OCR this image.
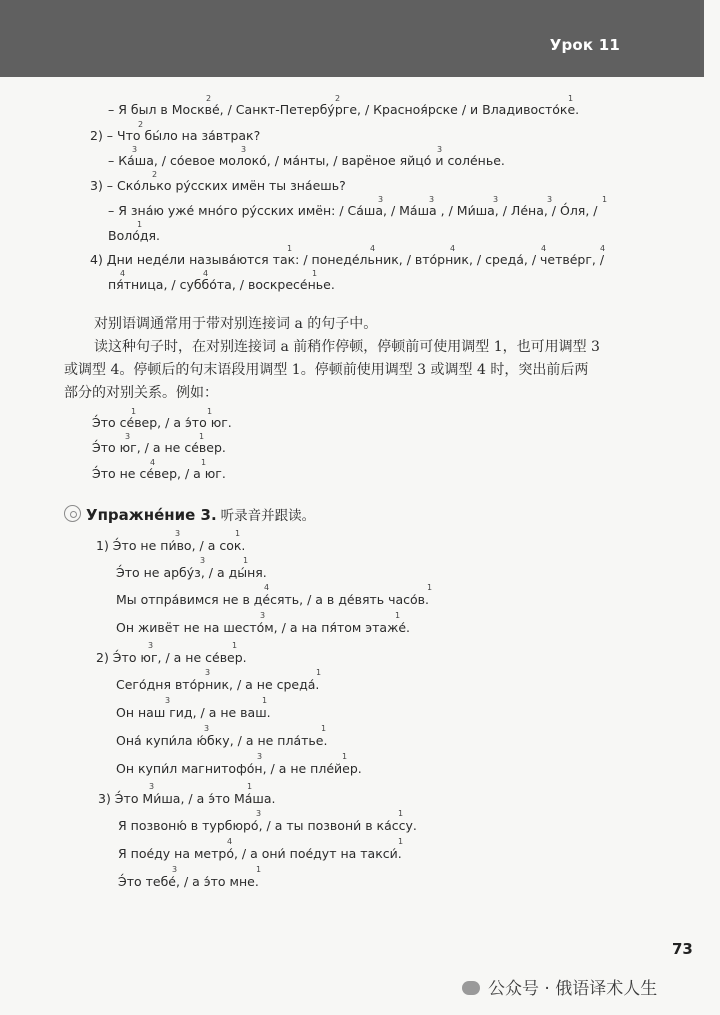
Урок 11
– Я был в Москве́, / Санкт-Петербу́рге, / Красноя́рске / и Владивосто́ке.
2) – Что бы́ло на за́втрак?
– Ка́ша, / со́евое молоко́, / ма́нты, / варёное яйцо́ и соле́нье.
3) – Ско́лько ру́сских имён ты зна́ешь?
– Я зна́ю уже́ мно́го ру́сских имён: / Са́ша, / Ма́ша , / Ми́ша, / Ле́на, / О́ля, /
Воло́дя.
4) Дни неде́ли называ́ются так: / понеде́льник, / вто́рник, / среда́, / четве́рг, /
пя́тница, / суббо́та, / воскресе́нье.
对别语调通常用于带对别连接词 а 的句子中。
读这种句子时，在对别连接词 а 前稍作停顿，停顿前可使用调型 1，也可用调型 3
或调型 4。停顿后的句末语段用调型 1。停顿前使用调型 3 或调型 4 时，突出前后两
部分的对别关系。例如：
Э́то се́вер, / а э́то юг.
Э́то юг, / а не се́вер.
Э́то не се́вер, / а юг.
Упражне́ние 3. 听录音并跟读。
1) Э́то не пи́во, / а сок.
Э́то не арбу́з, / а ды́ня.
Мы отпра́вимся не в де́сять, / а в де́вять часо́в.
Он живёт не на шесто́м, / а на пя́том этаже́.
2) Э́то юг, / а не се́вер.
Сего́дня вто́рник, / а не среда́.
Он наш гид, / а не ваш.
Она́ купи́ла ю́бку, / а не пла́тье.
Он купи́л магнитофо́н, / а не пле́йер.
3) Э́то Ми́ша, / а э́то Ма́ша.
Я позвоню́ в турбюро́, / а ты позвони́ в ка́ссу.
Я пое́ду на метро́, / а они́ пое́дут на такси́.
Э́то тебе́, / а э́то мне.
73
公众号 · 俄语译术人生
2	2	1
2
3	3	3
2
3	3	3	3	1
1
1	4	4	4	4
4	4	1
1	1
3	1
4	1
3	1
3	1
4	1
3	1
3	1
3	1
3	1
3	1
3	1
3	1
3	1
4	1
3	1
